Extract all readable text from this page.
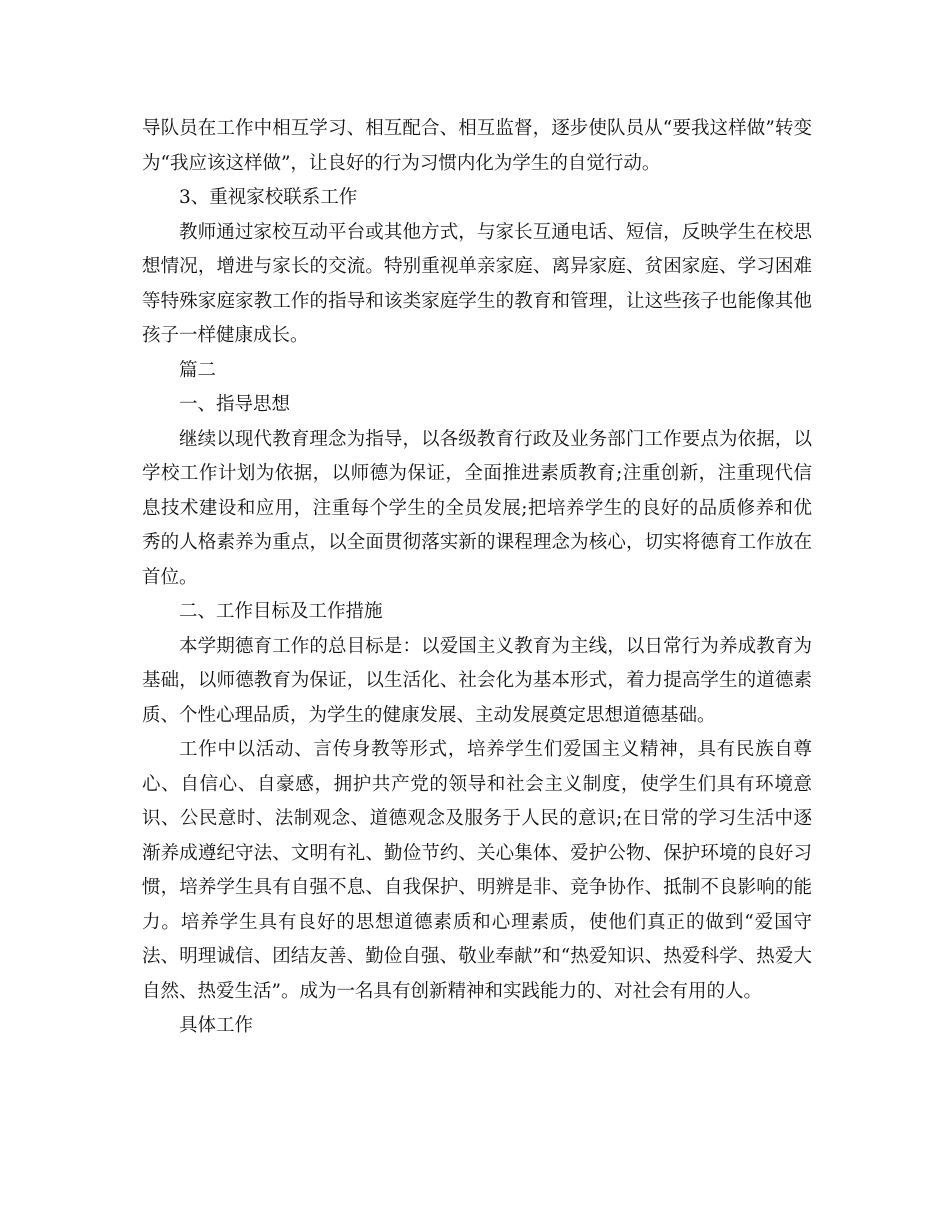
导队员在工作中相互学习、相互配合、相互监督，逐步使队员从“要我这样做”转变为“我应该这样做”，让良好的行为习惯内化为学生的自觉行动。

3、重视家校联系工作

教师通过家校互动平台或其他方式，与家长互通电话、短信，反映学生在校思想情况，增进与家长的交流。特别重视单亲家庭、离异家庭、贫困家庭、学习困难等特殊家庭家教工作的指导和该类家庭学生的教育和管理，让这些孩子也能像其他孩子一样健康成长。

篇二

一、指导思想

继续以现代教育理念为指导，以各级教育行政及业务部门工作要点为依据，以学校工作计划为依据，以师德为保证，全面推进素质教育;注重创新，注重现代信息技术建设和应用，注重每个学生的全员发展;把培养学生的良好的品质修养和优秀的人格素养为重点，以全面贯彻落实新的课程理念为核心，切实将德育工作放在首位。

二、工作目标及工作措施

本学期德育工作的总目标是：以爱国主义教育为主线，以日常行为养成教育为基础，以师德教育为保证，以生活化、社会化为基本形式，着力提高学生的道德素质、个性心理品质，为学生的健康发展、主动发展奠定思想道德基础。

工作中以活动、言传身教等形式，培养学生们爱国主义精神，具有民族自尊心、自信心、自豪感，拥护共产党的领导和社会主义制度，使学生们具有环境意识、公民意时、法制观念、道德观念及服务于人民的意识;在日常的学习生活中逐渐养成遵纪守法、文明有礼、勤俭节约、关心集体、爱护公物、保护环境的良好习惯，培养学生具有自强不息、自我保护、明辨是非、竞争协作、抵制不良影响的能力。培养学生具有良好的思想道德素质和心理素质，使他们真正的做到“爱国守法、明理诚信、团结友善、勤俭自强、敬业奉献”和“热爱知识、热爱科学、热爱大自然、热爱生活”。成为一名具有创新精神和实践能力的、对社会有用的人。

具体工作
